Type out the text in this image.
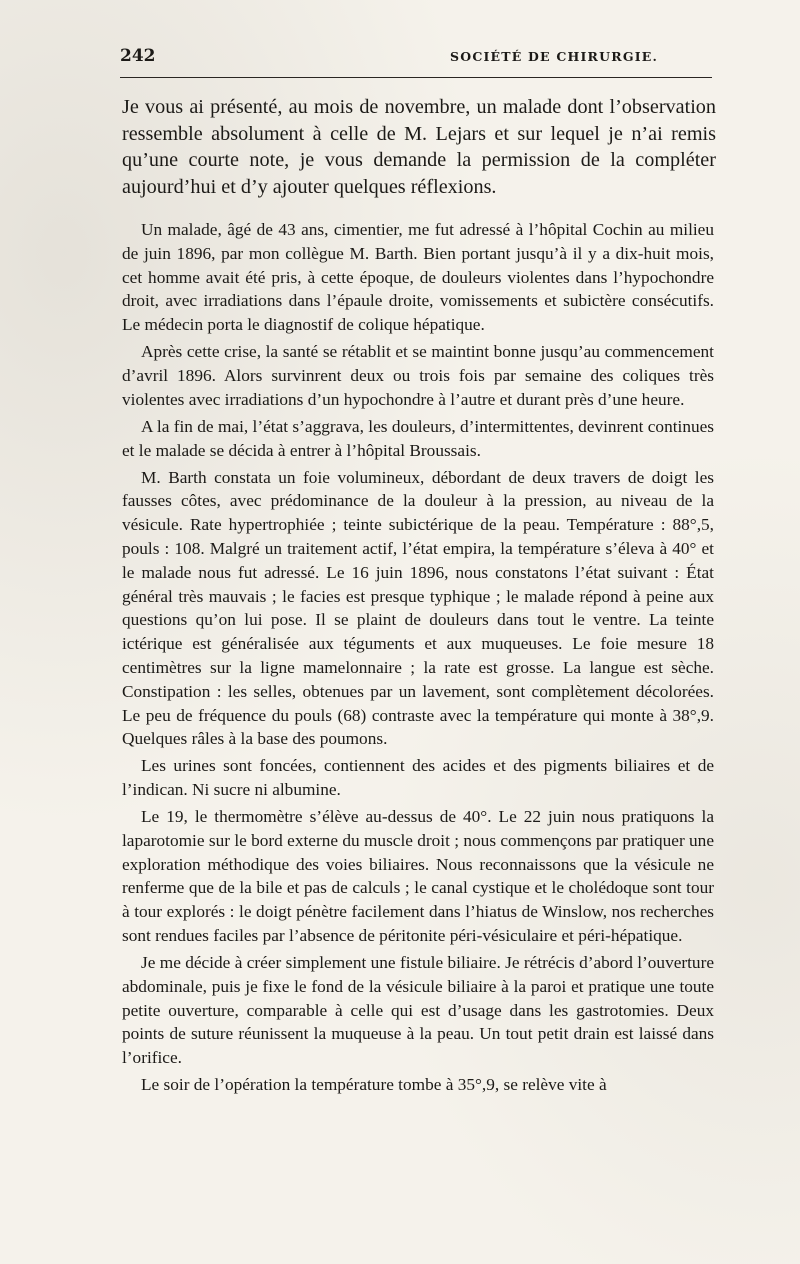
242	SOCIÉTÉ DE CHIRURGIE.

Je vous ai présenté, au mois de novembre, un malade dont l’observation ressemble absolument à celle de M. Lejars et sur lequel je n’ai remis qu’une courte note, je vous demande la permission de la compléter aujourd’hui et d’y ajouter quelques réflexions.

Un malade, âgé de 43 ans, cimentier, me fut adressé à l’hôpital Cochin au milieu de juin 1896, par mon collègue M. Barth. Bien portant jusqu’à il y a dix-huit mois, cet homme avait été pris, à cette époque, de douleurs violentes dans l’hypochondre droit, avec irradiations dans l’épaule droite, vomissements et subictère consécutifs. Le médecin porta le diagnostif de colique hépatique.

Après cette crise, la santé se rétablit et se maintint bonne jusqu’au commencement d’avril 1896. Alors survinrent deux ou trois fois par semaine des coliques très violentes avec irradiations d’un hypochondre à l’autre et durant près d’une heure.

A la fin de mai, l’état s’aggrava, les douleurs, d’intermittentes, devinrent continues et le malade se décida à entrer à l’hôpital Broussais.

M. Barth constata un foie volumineux, débordant de deux travers de doigt les fausses côtes, avec prédominance de la douleur à la pression, au niveau de la vésicule. Rate hypertrophiée ; teinte subictérique de la peau. Température : 88°,5, pouls : 108. Malgré un traitement actif, l’état empira, la température s’éleva à 40° et le malade nous fut adressé. Le 16 juin 1896, nous constatons l’état suivant : État général très mauvais ; le facies est presque typhique ; le malade répond à peine aux questions qu’on lui pose. Il se plaint de douleurs dans tout le ventre. La teinte ictérique est généralisée aux téguments et aux muqueuses. Le foie mesure 18 centimètres sur la ligne mamelonnaire ; la rate est grosse. La langue est sèche. Constipation : les selles, obtenues par un lavement, sont complètement décolorées. Le peu de fréquence du pouls (68) contraste avec la température qui monte à 38°,9. Quelques râles à la base des poumons.

Les urines sont foncées, contiennent des acides et des pigments biliaires et de l’indican. Ni sucre ni albumine.

Le 19, le thermomètre s’élève au-dessus de 40°. Le 22 juin nous pratiquons la laparotomie sur le bord externe du muscle droit ; nous commençons par pratiquer une exploration méthodique des voies biliaires. Nous reconnaissons que la vésicule ne renferme que de la bile et pas de calculs ; le canal cystique et le cholédoque sont tour à tour explorés : le doigt pénètre facilement dans l’hiatus de Winslow, nos recherches sont rendues faciles par l’absence de péritonite péri-vésiculaire et péri-hépatique.

Je me décide à créer simplement une fistule biliaire. Je rétrécis d’abord l’ouverture abdominale, puis je fixe le fond de la vésicule biliaire à la paroi et pratique une toute petite ouverture, comparable à celle qui est d’usage dans les gastrotomies. Deux points de suture réunissent la muqueuse à la peau. Un tout petit drain est laissé dans l’orifice.

Le soir de l’opération la température tombe à 35°,9, se relève vite à
